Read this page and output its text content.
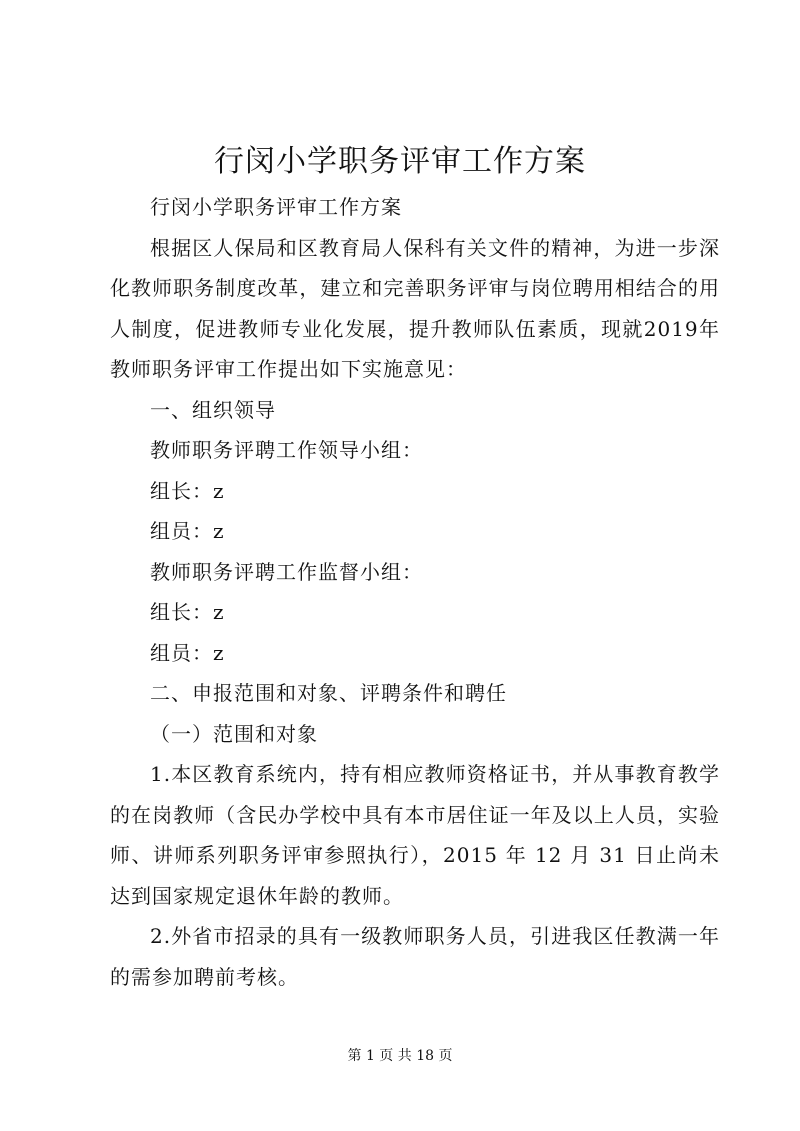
行闵小学职务评审工作方案

行闵小学职务评审工作方案

根据区人保局和区教育局人保科有关文件的精神，为进一步深化教师职务制度改革，建立和完善职务评审与岗位聘用相结合的用人制度，促进教师专业化发展，提升教师队伍素质，现就2019年教师职务评审工作提出如下实施意见：

一、组织领导

教师职务评聘工作领导小组：

组长：z

组员：z

教师职务评聘工作监督小组：

组长：z

组员：z

二、申报范围和对象、评聘条件和聘任

（一）范围和对象

1.本区教育系统内，持有相应教师资格证书，并从事教育教学的在岗教师（含民办学校中具有本市居住证一年及以上人员，实验师、讲师系列职务评审参照执行），2015 年 12 月 31 日止尚未达到国家规定退休年龄的教师。

2.外省市招录的具有一级教师职务人员，引进我区任教满一年的需参加聘前考核。

第 1 页 共 18 页
